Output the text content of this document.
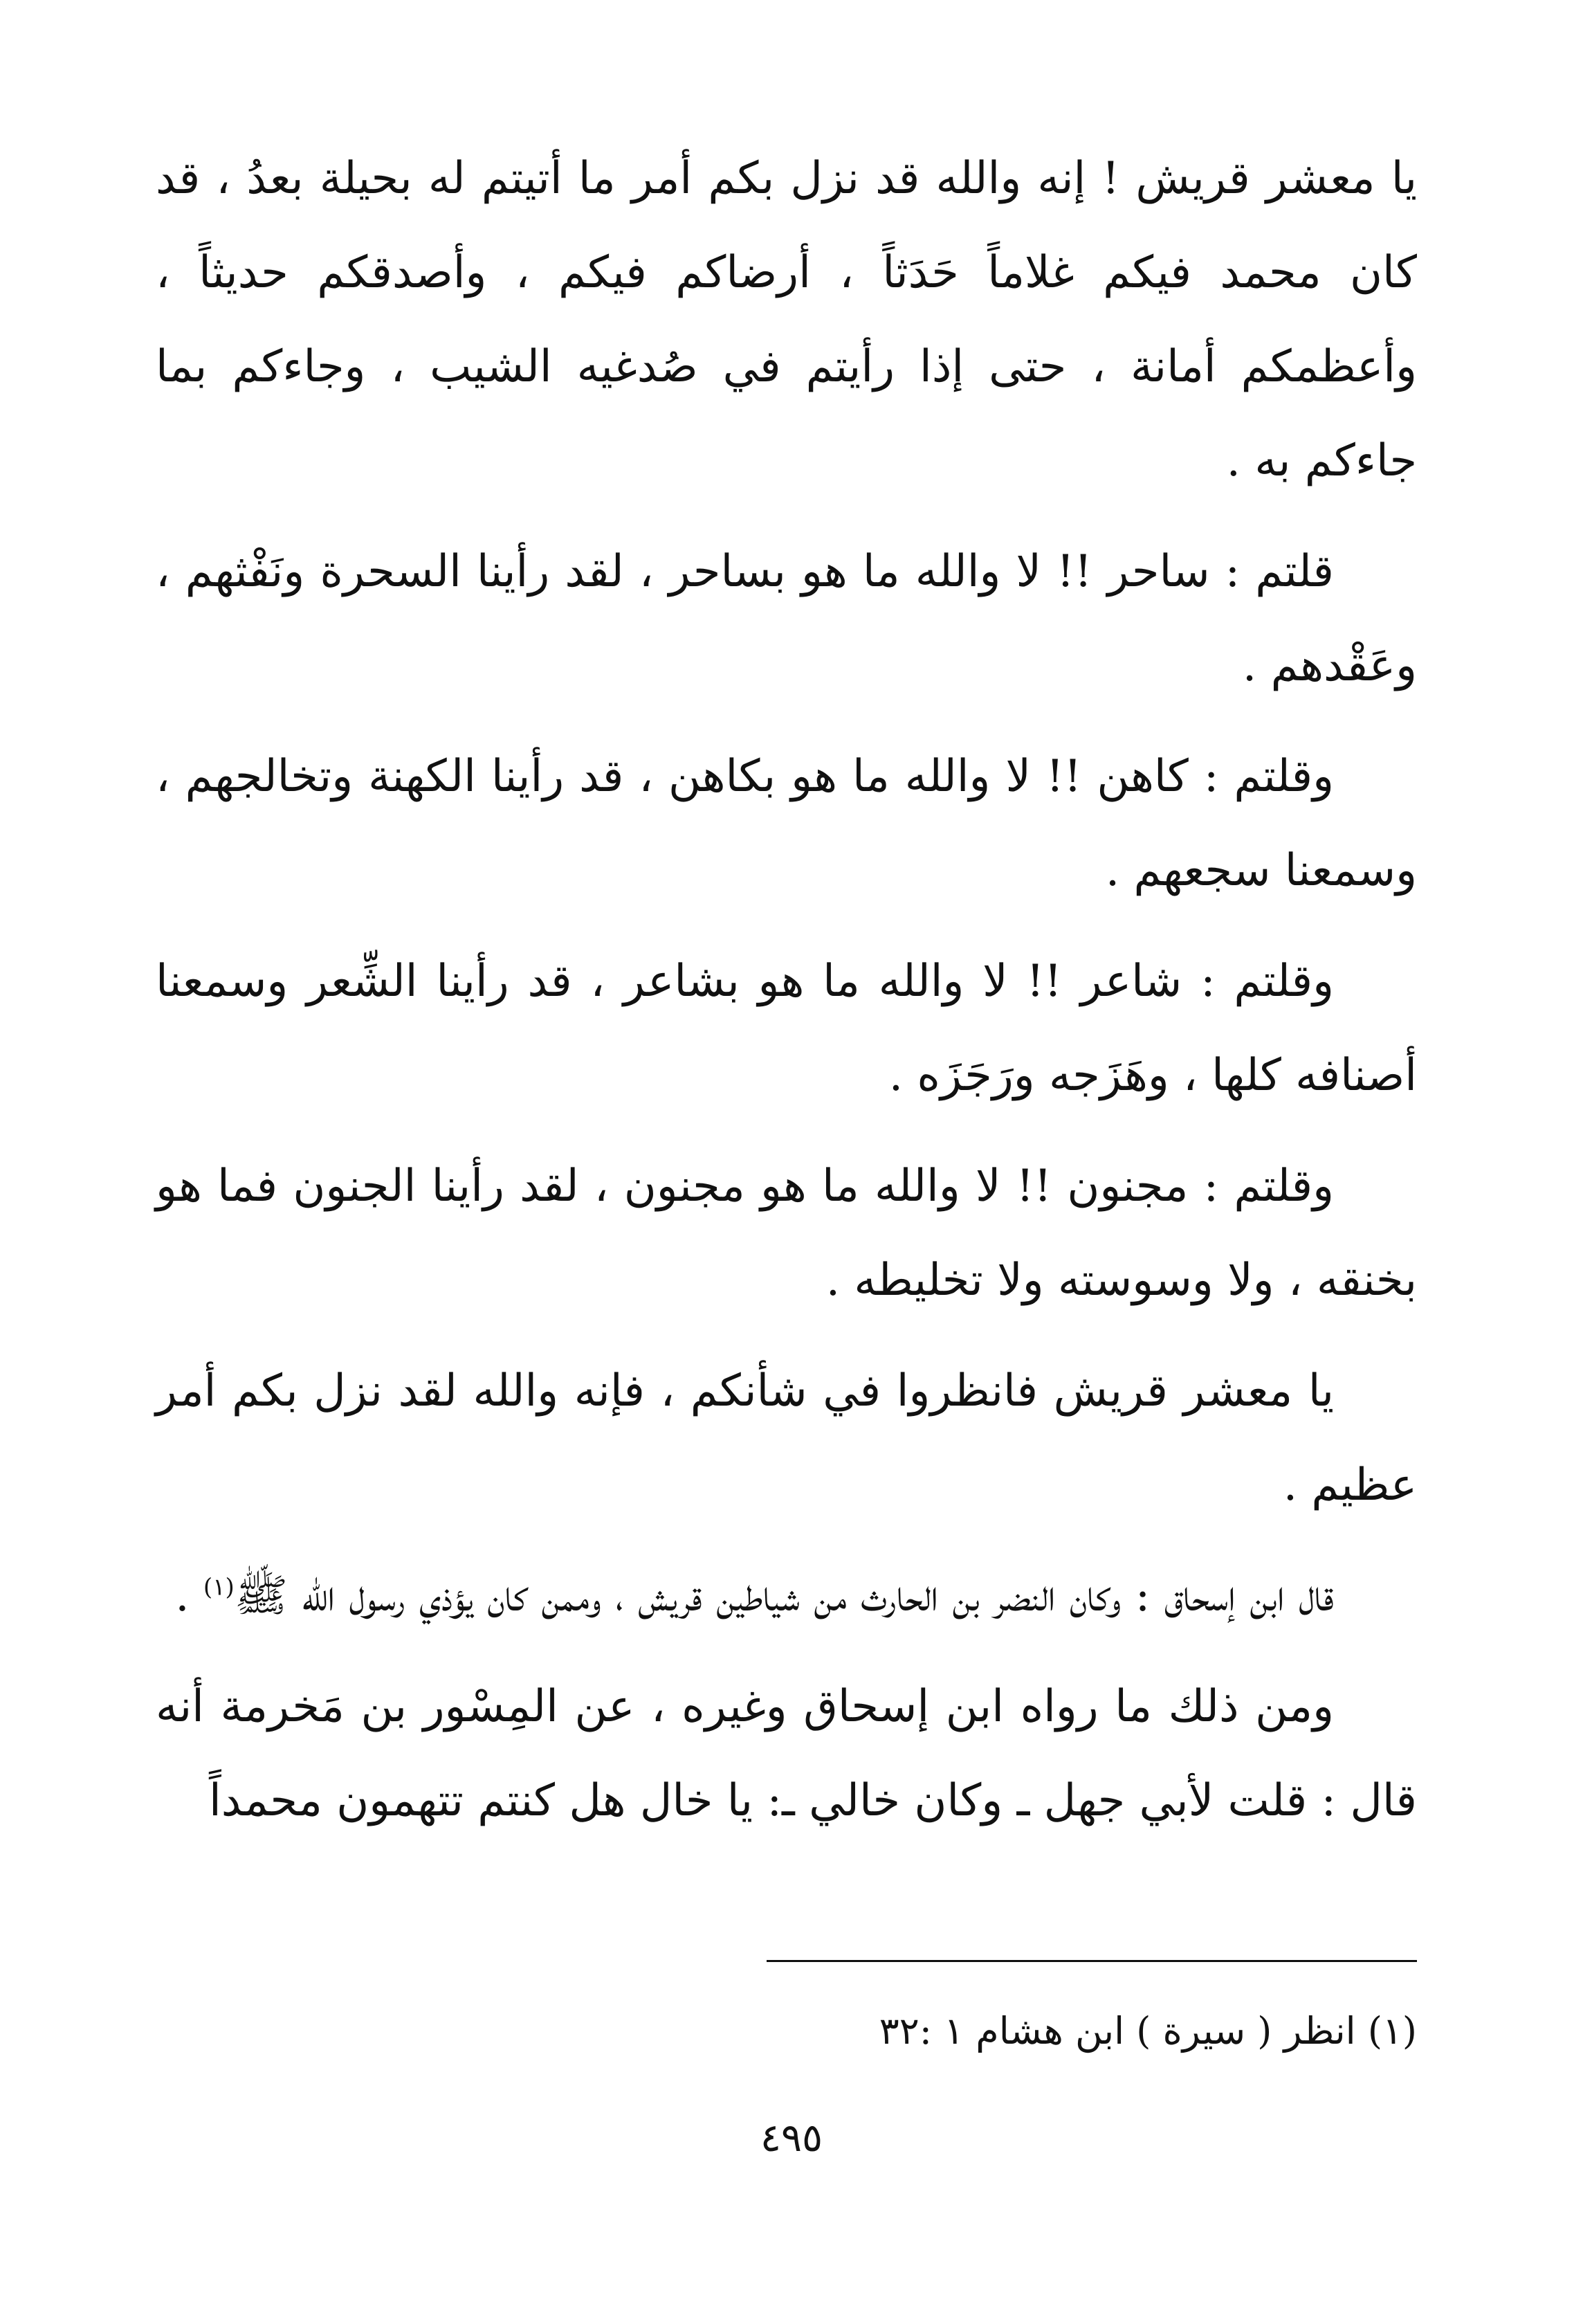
يا معشر قريش ! إنه والله قد نزل بكم أمر ما أتيتم له بحيلة بعدُ ، قد كان محمد فيكم غلاماً حَدَثاً ، أرضاكم فيكم ، وأصدقكم حديثاً ، وأعظمكم أمانة ، حتى إذا رأيتم في صُدغيه الشيب ، وجاءكم بما جاءكم به .

قلتم : ساحر !! لا والله ما هو بساحر ، لقد رأينا السحرة ونَفْثهم ، وعَقْدهم .

وقلتم : كاهن !! لا والله ما هو بكاهن ، قد رأينا الكهنة وتخالجهم ، وسمعنا سجعهم .

وقلتم : شاعر !! لا والله ما هو بشاعر ، قد رأينا الشِّعر وسمعنا أصنافه كلها ، وهَزَجه ورَجَزَه .

وقلتم : مجنون !! لا والله ما هو مجنون ، لقد رأينا الجنون فما هو بخنقه ، ولا وسوسته ولا تخليطه .

يا معشر قريش فانظروا في شأنكم ، فإنه والله لقد نزل بكم أمر عظيم .

قال ابن إسحاق : وكان النضر بن الحارث من شياطين قريش ، وممن كان يؤذي رسول الله ﷺ$^{(١)}$ .

ومن ذلك ما رواه ابن إسحاق وغيره ، عن المِسْور بن مَخرمة أنه قال : قلت لأبي جهل ـ وكان خالي ـ: يا خال هل كنتم تتهمون محمداً

(١) انظر ( سيرة ) ابن هشام ١ :٣٢
٤٩٥
